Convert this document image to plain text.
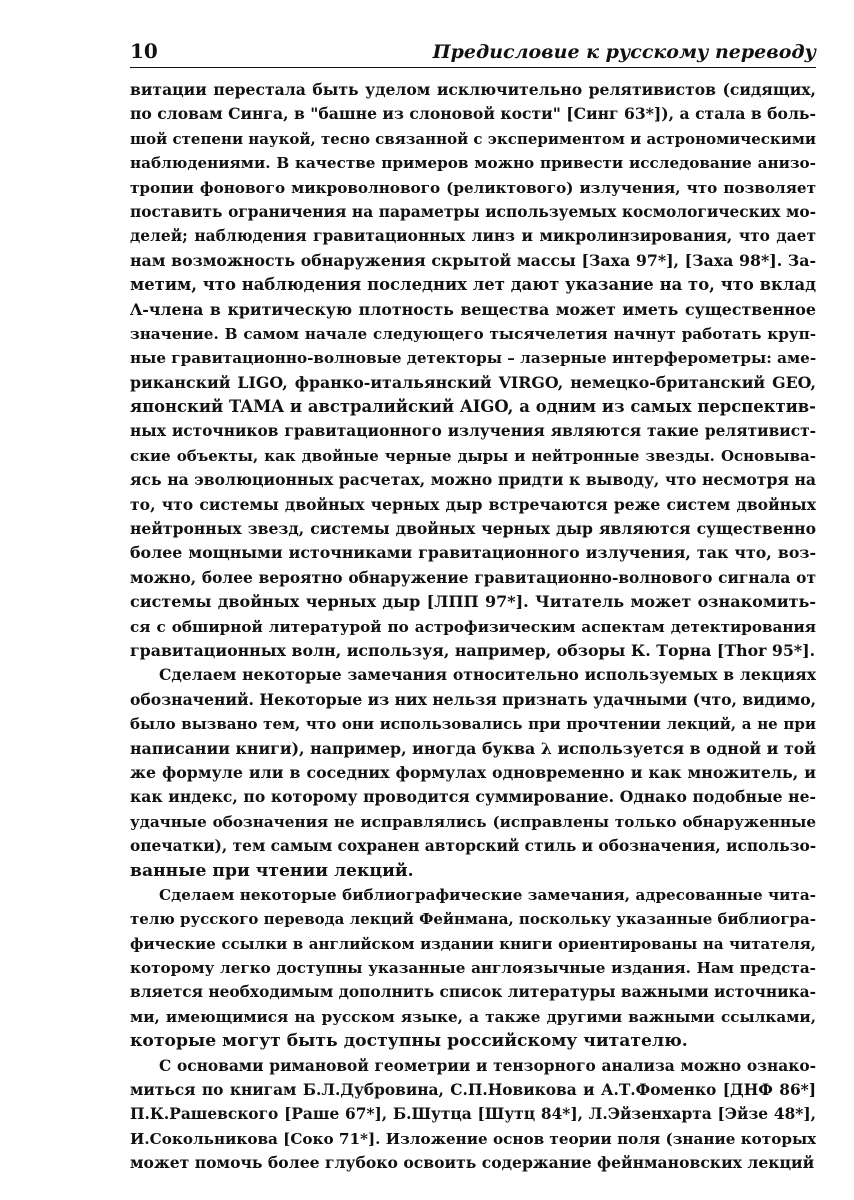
10	Предисловие к русскому переводу
витации перестала быть уделом исключительно релятивистов (сидящих,
по словам Синга, в "башне из слоновой кости" [Синг 63*]), а стала в боль-
шой степени наукой, тесно связанной с экспериментом и астрономическими
наблюдениями. В качестве примеров можно привести исследование анизо-
тропии фонового микроволнового (реликтового) излучения, что позволяет
поставить ограничения на параметры используемых космологических мо-
делей; наблюдения гравитационных линз и микролинзирования, что дает
нам возможность обнаружения скрытой массы [Заха 97*], [Заха 98*]. За-
метим, что наблюдения последних лет дают указание на то, что вклад
Λ-члена в критическую плотность вещества может иметь существенное
значение. В самом начале следующего тысячелетия начнут работать круп-
ные гравитационно-волновые детекторы – лазерные интерферометры: аме-
риканский LIGO, франко-итальянский VIRGO, немецко-британский GEO,
японский TAMA и австралийский AIGO, а одним из самых перспектив-
ных источников гравитационного излучения являются такие релятивист-
ские объекты, как двойные черные дыры и нейтронные звезды. Основыва-
ясь на эволюционных расчетах, можно придти к выводу, что несмотря на
то, что системы двойных черных дыр встречаются реже систем двойных
нейтронных звезд, системы двойных черных дыр являются существенно
более мощными источниками гравитационного излучения, так что, воз-
можно, более вероятно обнаружение гравитационно-волнового сигнала от
системы двойных черных дыр [ЛПП 97*]. Читатель может ознакомить-
ся с обширной литературой по астрофизическим аспектам детектирования
гравитационных волн, используя, например, обзоры К. Торна [Thor 95*].
Сделаем некоторые замечания относительно используемых в лекциях
обозначений. Некоторые из них нельзя признать удачными (что, видимо,
было вызвано тем, что они использовались при прочтении лекций, а не при
написании книги), например, иногда буква λ используется в одной и той
же формуле или в соседних формулах одновременно и как множитель, и
как индекс, по которому проводится суммирование. Однако подобные не-
удачные обозначения не исправлялись (исправлены только обнаруженные
опечатки), тем самым сохранен авторский стиль и обозначения, использо-
ванные при чтении лекций.
Сделаем некоторые библиографические замечания, адресованные чита-
телю русского перевода лекций Фейнмана, поскольку указанные библиогра-
фические ссылки в английском издании книги ориентированы на читателя,
которому легко доступны указанные англоязычные издания. Нам предста-
вляется необходимым дополнить список литературы важными источника-
ми, имеющимися на русском языке, а также другими важными ссылками,
которые могут быть доступны российскому читателю.
С основами римановой геометрии и тензорного анализа можно ознако-
миться по книгам Б.Л.Дубровина, С.П.Новикова и А.Т.Фоменко [ДНФ 86*]
П.К.Рашевского [Раше 67*], Б.Шутца [Шутц 84*], Л.Эйзенхарта [Эйзе 48*],
И.Сокольникова [Соко 71*]. Изложение основ теории поля (знание которых
может помочь более глубоко освоить содержание фейнмановских лекций
